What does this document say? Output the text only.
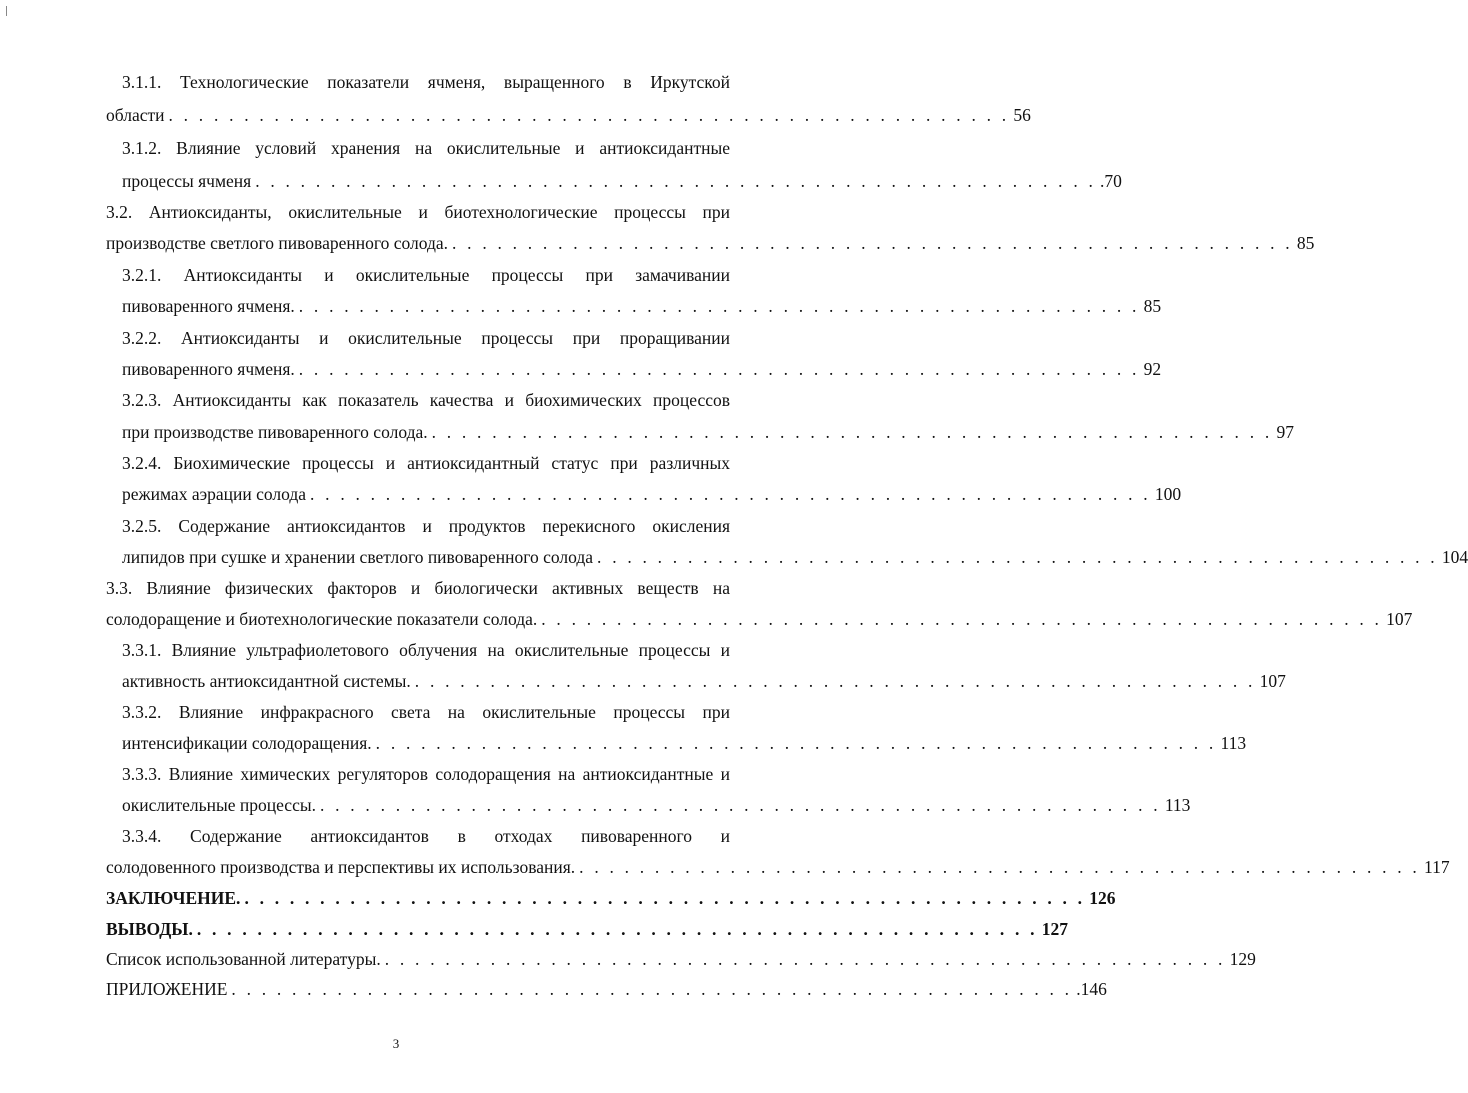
3.1.1. Технологические показатели ячменя, выращенного в Иркутской
области . . . . . . . . . . . . . . . . . . . . . . . . . . . . . . . . . . . . . . . . . . . . . . . . . . . . . . . . 56
3.1.2. Влияние условий хранения на окислительные и антиоксидантные
процессы ячменя . . . . . . . . . . . . . . . . . . . . . . . . . . . . . . . . . . . . . . . . . . . . . . . . . . . . . . . . .70
3.2. Антиоксиданты, окислительные и биотехнологические процессы при
производстве светлого пивоваренного солода. . . . . . . . . . . . . . . . . . . . . . . . . . . . . . . . . . . . . . . . . . . . . . . . . . . . . . . . . 85
3.2.1. Антиоксиданты и окислительные процессы при замачивании
пивоваренного ячменя. . . . . . . . . . . . . . . . . . . . . . . . . . . . . . . . . . . . . . . . . . . . . . . . . . . . . . . . . 85
3.2.2. Антиоксиданты и окислительные процессы при проращивании
пивоваренного ячменя. . . . . . . . . . . . . . . . . . . . . . . . . . . . . . . . . . . . . . . . . . . . . . . . . . . . . . . . . 92
3.2.3. Антиоксиданты как показатель качества и биохимических процессов
при производстве пивоваренного солода. . . . . . . . . . . . . . . . . . . . . . . . . . . . . . . . . . . . . . . . . . . . . . . . . . . . . . . . . 97
3.2.4. Биохимические процессы и антиоксидантный статус при различных
режимах аэрации солода . . . . . . . . . . . . . . . . . . . . . . . . . . . . . . . . . . . . . . . . . . . . . . . . . . . . . . . . 100
3.2.5. Содержание антиоксидантов и продуктов перекисного окисления
липидов при сушке и хранении светлого пивоваренного солода . . . . . . . . . . . . . . . . . . . . . . . . . . . . . . . . . . . . . . . . . . . . . . . . . . . . . . . . 104
3.3. Влияние физических факторов и биологически активных веществ на
солодоращение и биотехнологические показатели солода. . . . . . . . . . . . . . . . . . . . . . . . . . . . . . . . . . . . . . . . . . . . . . . . . . . . . . . . . 107
3.3.1. Влияние ультрафиолетового облучения на окислительные процессы и
активность антиоксидантной системы. . . . . . . . . . . . . . . . . . . . . . . . . . . . . . . . . . . . . . . . . . . . . . . . . . . . . . . . . 107
3.3.2. Влияние инфракрасного света на окислительные процессы при
интенсификации солодоращения. . . . . . . . . . . . . . . . . . . . . . . . . . . . . . . . . . . . . . . . . . . . . . . . . . . . . . . . . 113
3.3.3. Влияние химических регуляторов солодоращения на антиоксидантные и
окислительные процессы. . . . . . . . . . . . . . . . . . . . . . . . . . . . . . . . . . . . . . . . . . . . . . . . . . . . . . . . . 113
3.3.4. Содержание антиоксидантов в отходах пивоваренного и
солодовенного производства и перспективы их использования. . . . . . . . . . . . . . . . . . . . . . . . . . . . . . . . . . . . . . . . . . . . . . . . . . . . . . . . . 117
ЗАКЛЮЧЕНИЕ. . . . . . . . . . . . . . . . . . . . . . . . . . . . . . . . . . . . . . . . . . . . . . . . . . . . . . . . . 126
ВЫВОДЫ. . . . . . . . . . . . . . . . . . . . . . . . . . . . . . . . . . . . . . . . . . . . . . . . . . . . . . . . . 127
Список использованной литературы. . . . . . . . . . . . . . . . . . . . . . . . . . . . . . . . . . . . . . . . . . . . . . . . . . . . . . . . . 129
ПРИЛОЖЕНИЕ . . . . . . . . . . . . . . . . . . . . . . . . . . . . . . . . . . . . . . . . . . . . . . . . . . . . . . . . .146
3
